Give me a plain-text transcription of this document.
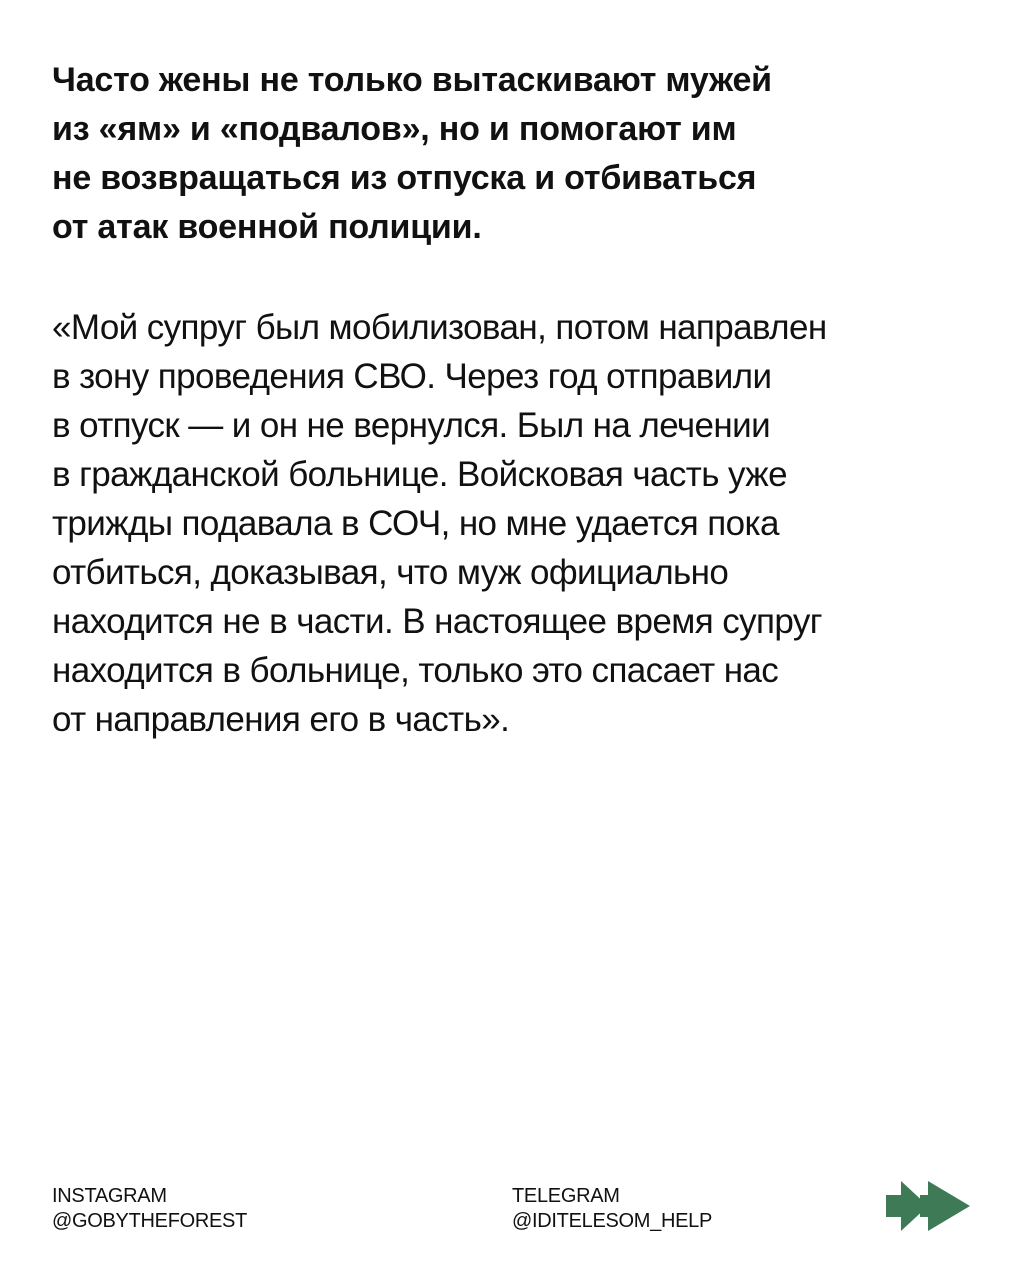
Часто жены не только вытаскивают мужей
из «ям» и «подвалов», но и помогают им
не возвращаться из отпуска и отбиваться
от атак военной полиции.
«Мой супруг был мобилизован, потом направлен
в зону проведения СВО. Через год отправили
в отпуск — и он не вернулся. Был на лечении
в гражданской больнице. Войсковая часть уже
трижды подавала в СОЧ, но мне удается пока
отбиться, доказывая, что муж официально
находится не в части. В настоящее время супруг
находится в больнице, только это спасает нас
от направления его в часть».
INSTAGRAM
@GOBYTHEFOREST
TELEGRAM
@IDITELESOM_HELP
